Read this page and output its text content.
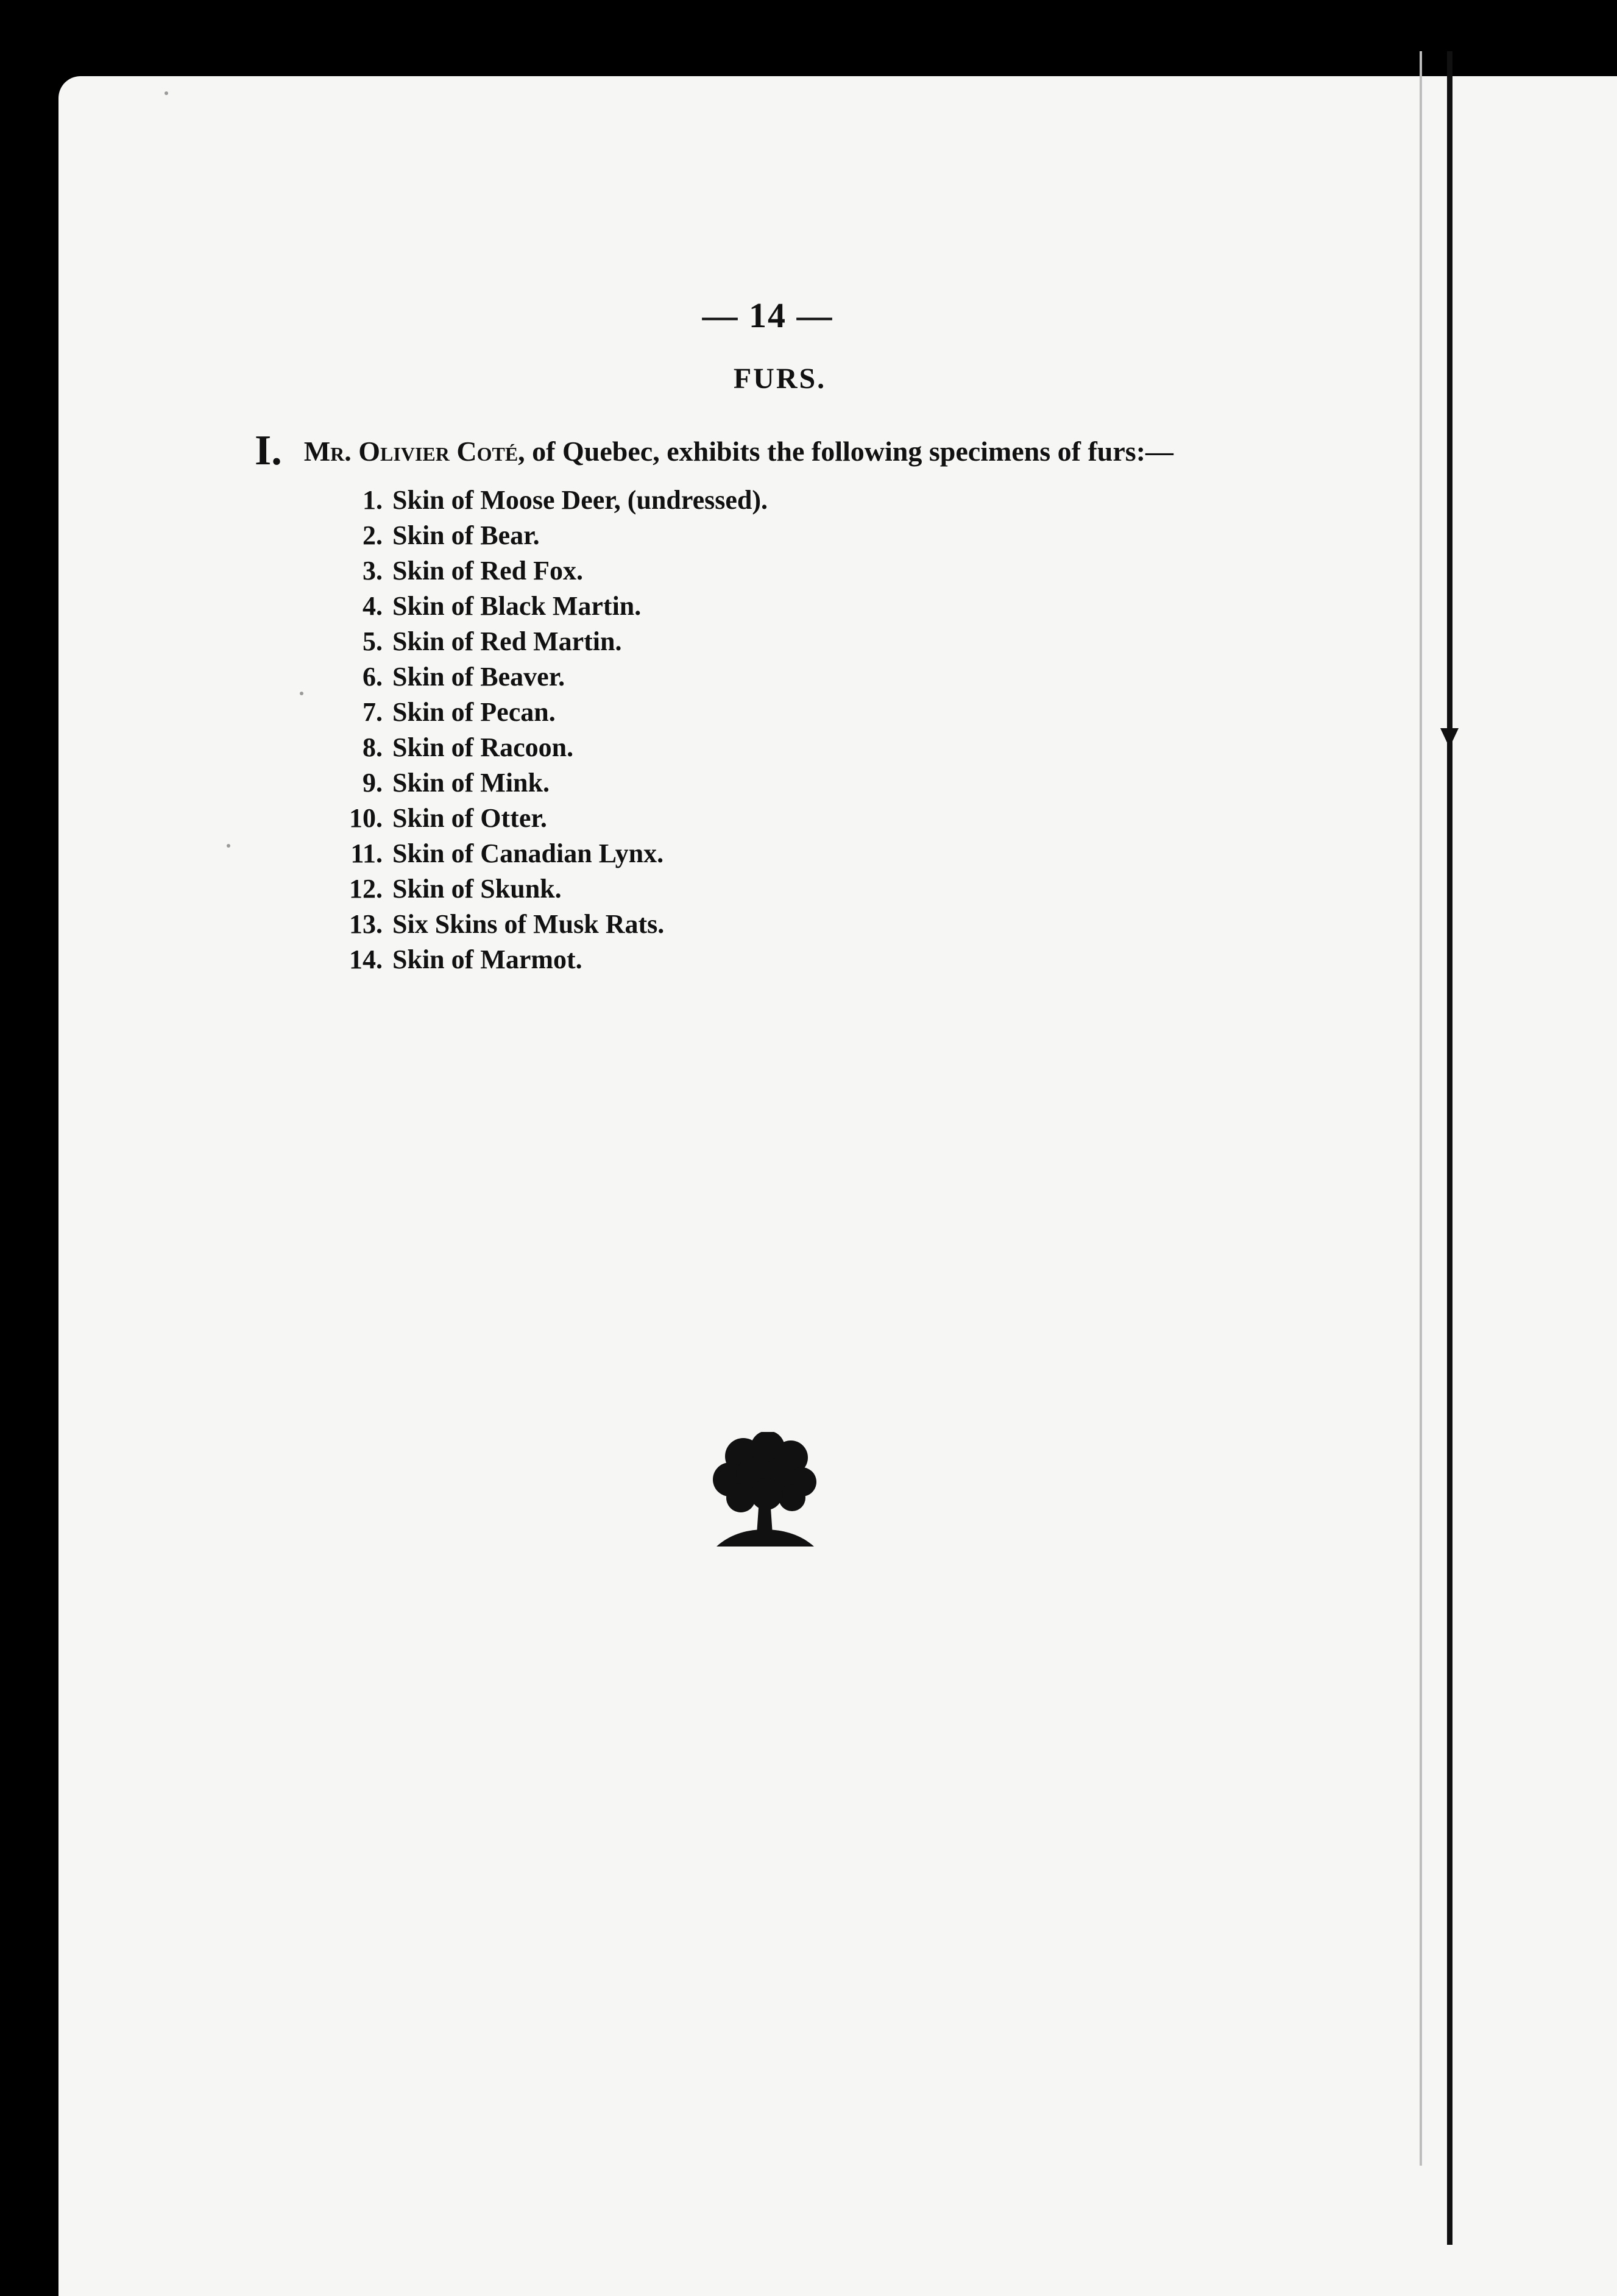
— 14 —
FURS.
I. Mr. Olivier Coté, of Quebec, exhibits the following specimens of furs:—
1. Skin of Moose Deer, (undressed).
2. Skin of Bear.
3. Skin of Red Fox.
4. Skin of Black Martin.
5. Skin of Red Martin.
6. Skin of Beaver.
7. Skin of Pecan.
8. Skin of Racoon.
9. Skin of Mink.
10. Skin of Otter.
11. Skin of Canadian Lynx.
12. Skin of Skunk.
13. Six Skins of Musk Rats.
14. Skin of Marmot.
